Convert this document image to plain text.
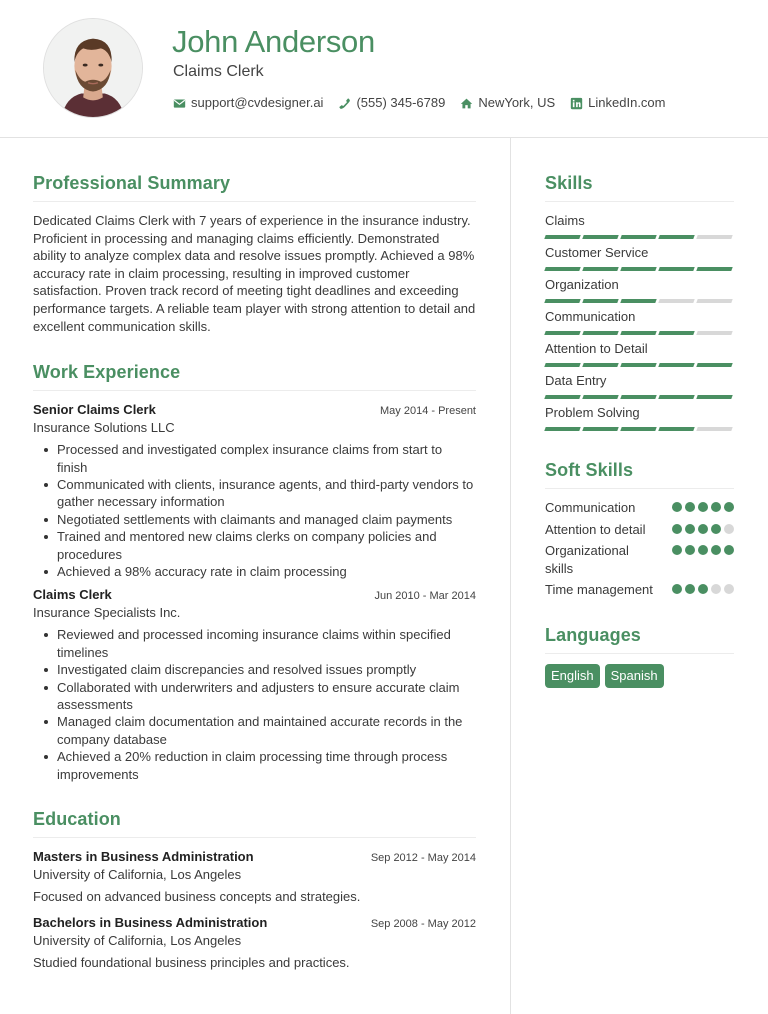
John Anderson
Claims Clerk
support@cvdesigner.ai	(555) 345-6789	NewYork, US	LinkedIn.com
Professional Summary

Dedicated Claims Clerk with 7 years of experience in the insurance industry. Proficient in processing and managing claims efficiently. Demonstrated ability to analyze complex data and resolve issues promptly. Achieved a 98% accuracy rate in claim processing, resulting in improved customer satisfaction. Proven track record of meeting tight deadlines and exceeding performance targets. A reliable team player with strong attention to detail and excellent communication skills.

Work Experience
Senior Claims Clerk	May 2014 - Present
Insurance Solutions LLC
Processed and investigated complex insurance claims from start to finish
Communicated with clients, insurance agents, and third-party vendors to gather necessary information
Negotiated settlements with claimants and managed claim payments
Trained and mentored new claims clerks on company policies and procedures
Achieved a 98% accuracy rate in claim processing
Claims Clerk	Jun 2010 - Mar 2014
Insurance Specialists Inc.
Reviewed and processed incoming insurance claims within specified timelines
Investigated claim discrepancies and resolved issues promptly
Collaborated with underwriters and adjusters to ensure accurate claim assessments
Managed claim documentation and maintained accurate records in the company database
Achieved a 20% reduction in claim processing time through process improvements
Education
Masters in Business Administration	Sep 2012 - May 2014
University of California, Los Angeles
Focused on advanced business concepts and strategies.
Bachelors in Business Administration	Sep 2008 - May 2012
University of California, Los Angeles
Studied foundational business principles and practices.
Skills
Claims
Customer Service
Organization
Communication
Attention to Detail
Data Entry
Problem Solving
Soft Skills
Communication
Attention to detail
Organizational skills
Time management
Languages
English	Spanish
